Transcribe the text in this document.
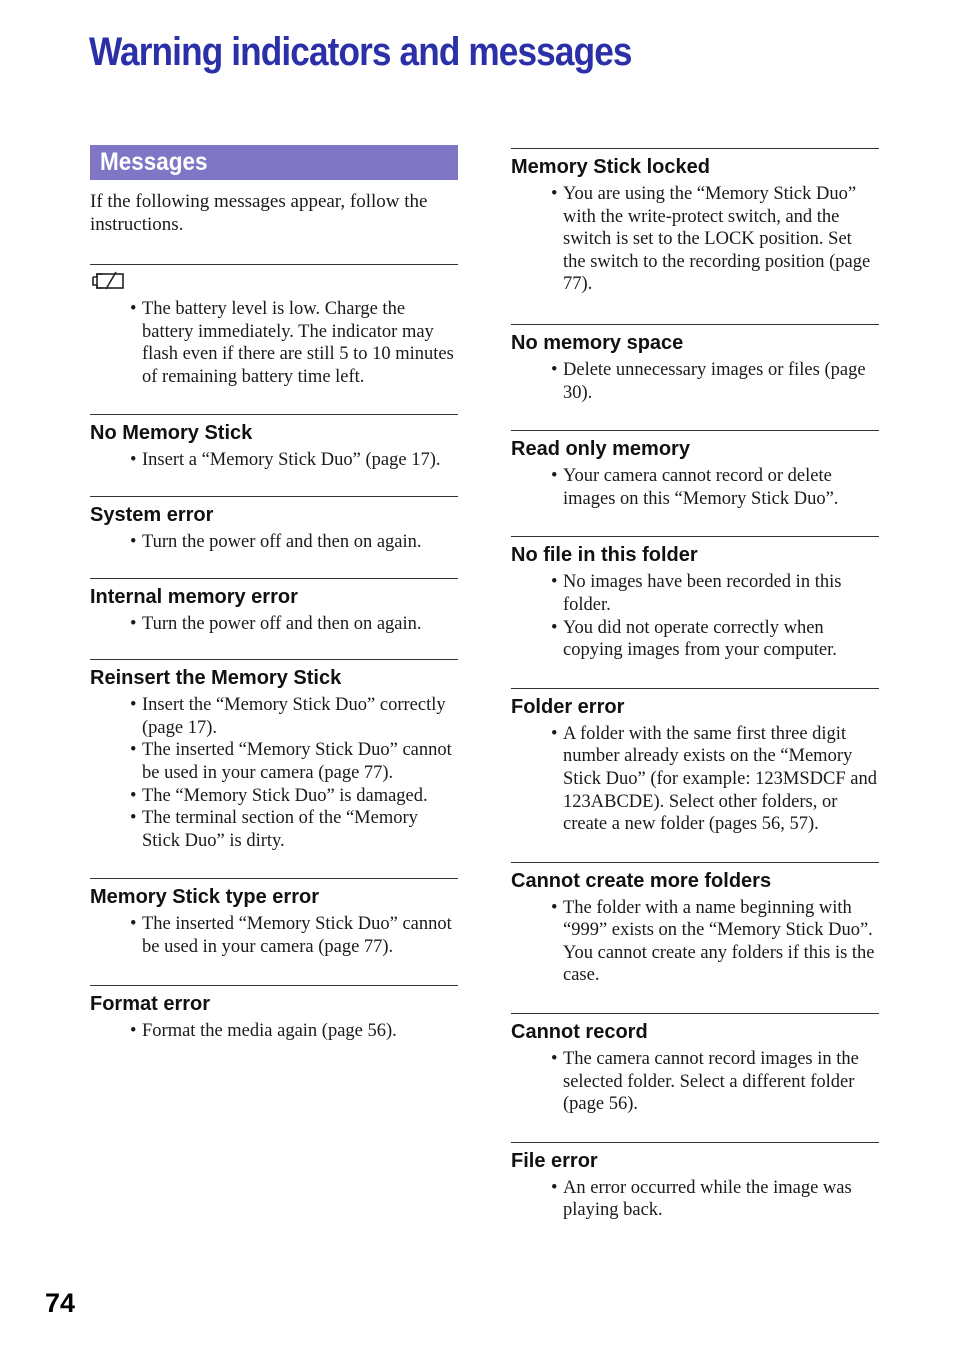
Warning indicators and messages
Messages

If the following messages appear, follow the instructions.

• The battery level is low. Charge the battery immediately. The indicator may flash even if there are still 5 to 10 minutes of remaining battery time left.
No Memory Stick
• Insert a “Memory Stick Duo” (page 17).
System error
• Turn the power off and then on again.
Internal memory error
• Turn the power off and then on again.
Reinsert the Memory Stick
• Insert the “Memory Stick Duo” correctly (page 17).
• The inserted “Memory Stick Duo” cannot be used in your camera (page 77).
• The “Memory Stick Duo” is damaged.
• The terminal section of the “Memory Stick Duo” is dirty.
Memory Stick type error
• The inserted “Memory Stick Duo” cannot be used in your camera (page 77).
Format error
• Format the media again (page 56).
Memory Stick locked
• You are using the “Memory Stick Duo” with the write-protect switch, and the switch is set to the LOCK position. Set the switch to the recording position (page 77).
No memory space
• Delete unnecessary images or files (page 30).
Read only memory
• Your camera cannot record or delete images on this “Memory Stick Duo”.
No file in this folder
• No images have been recorded in this folder.
• You did not operate correctly when copying images from your computer.
Folder error
• A folder with the same first three digit number already exists on the “Memory Stick Duo” (for example: 123MSDCF and 123ABCDE). Select other folders, or create a new folder (pages 56, 57).
Cannot create more folders
• The folder with a name beginning with “999” exists on the “Memory Stick Duo”. You cannot create any folders if this is the case.
Cannot record
• The camera cannot record images in the selected folder. Select a different folder (page 56).
File error
• An error occurred while the image was playing back.
74
